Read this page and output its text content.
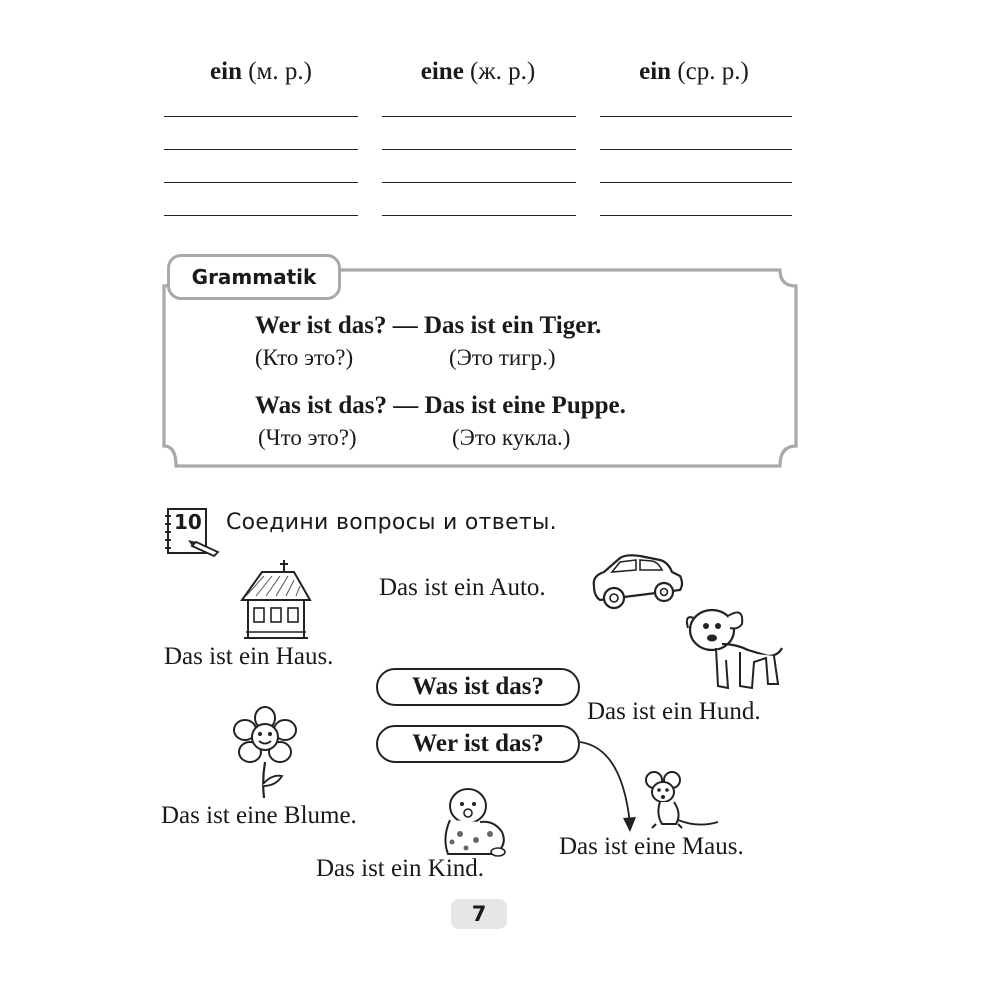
ein (м. р.)	eine (ж. р.)	ein (ср. р.)
Grammatik
Wer ist das? — Das ist ein Tiger.
(Кто это?)	(Это тигр.)
Was ist das? — Das ist eine Puppe.
(Что это?)	(Это кукла.)
10 Соедини вопросы и ответы.
Das ist ein Haus.
Das ist ein Auto.
Das ist ein Hund.
Das ist eine Blume.
Das ist ein Kind.
Das ist eine Maus.
Was ist das?
Wer ist das?
7
